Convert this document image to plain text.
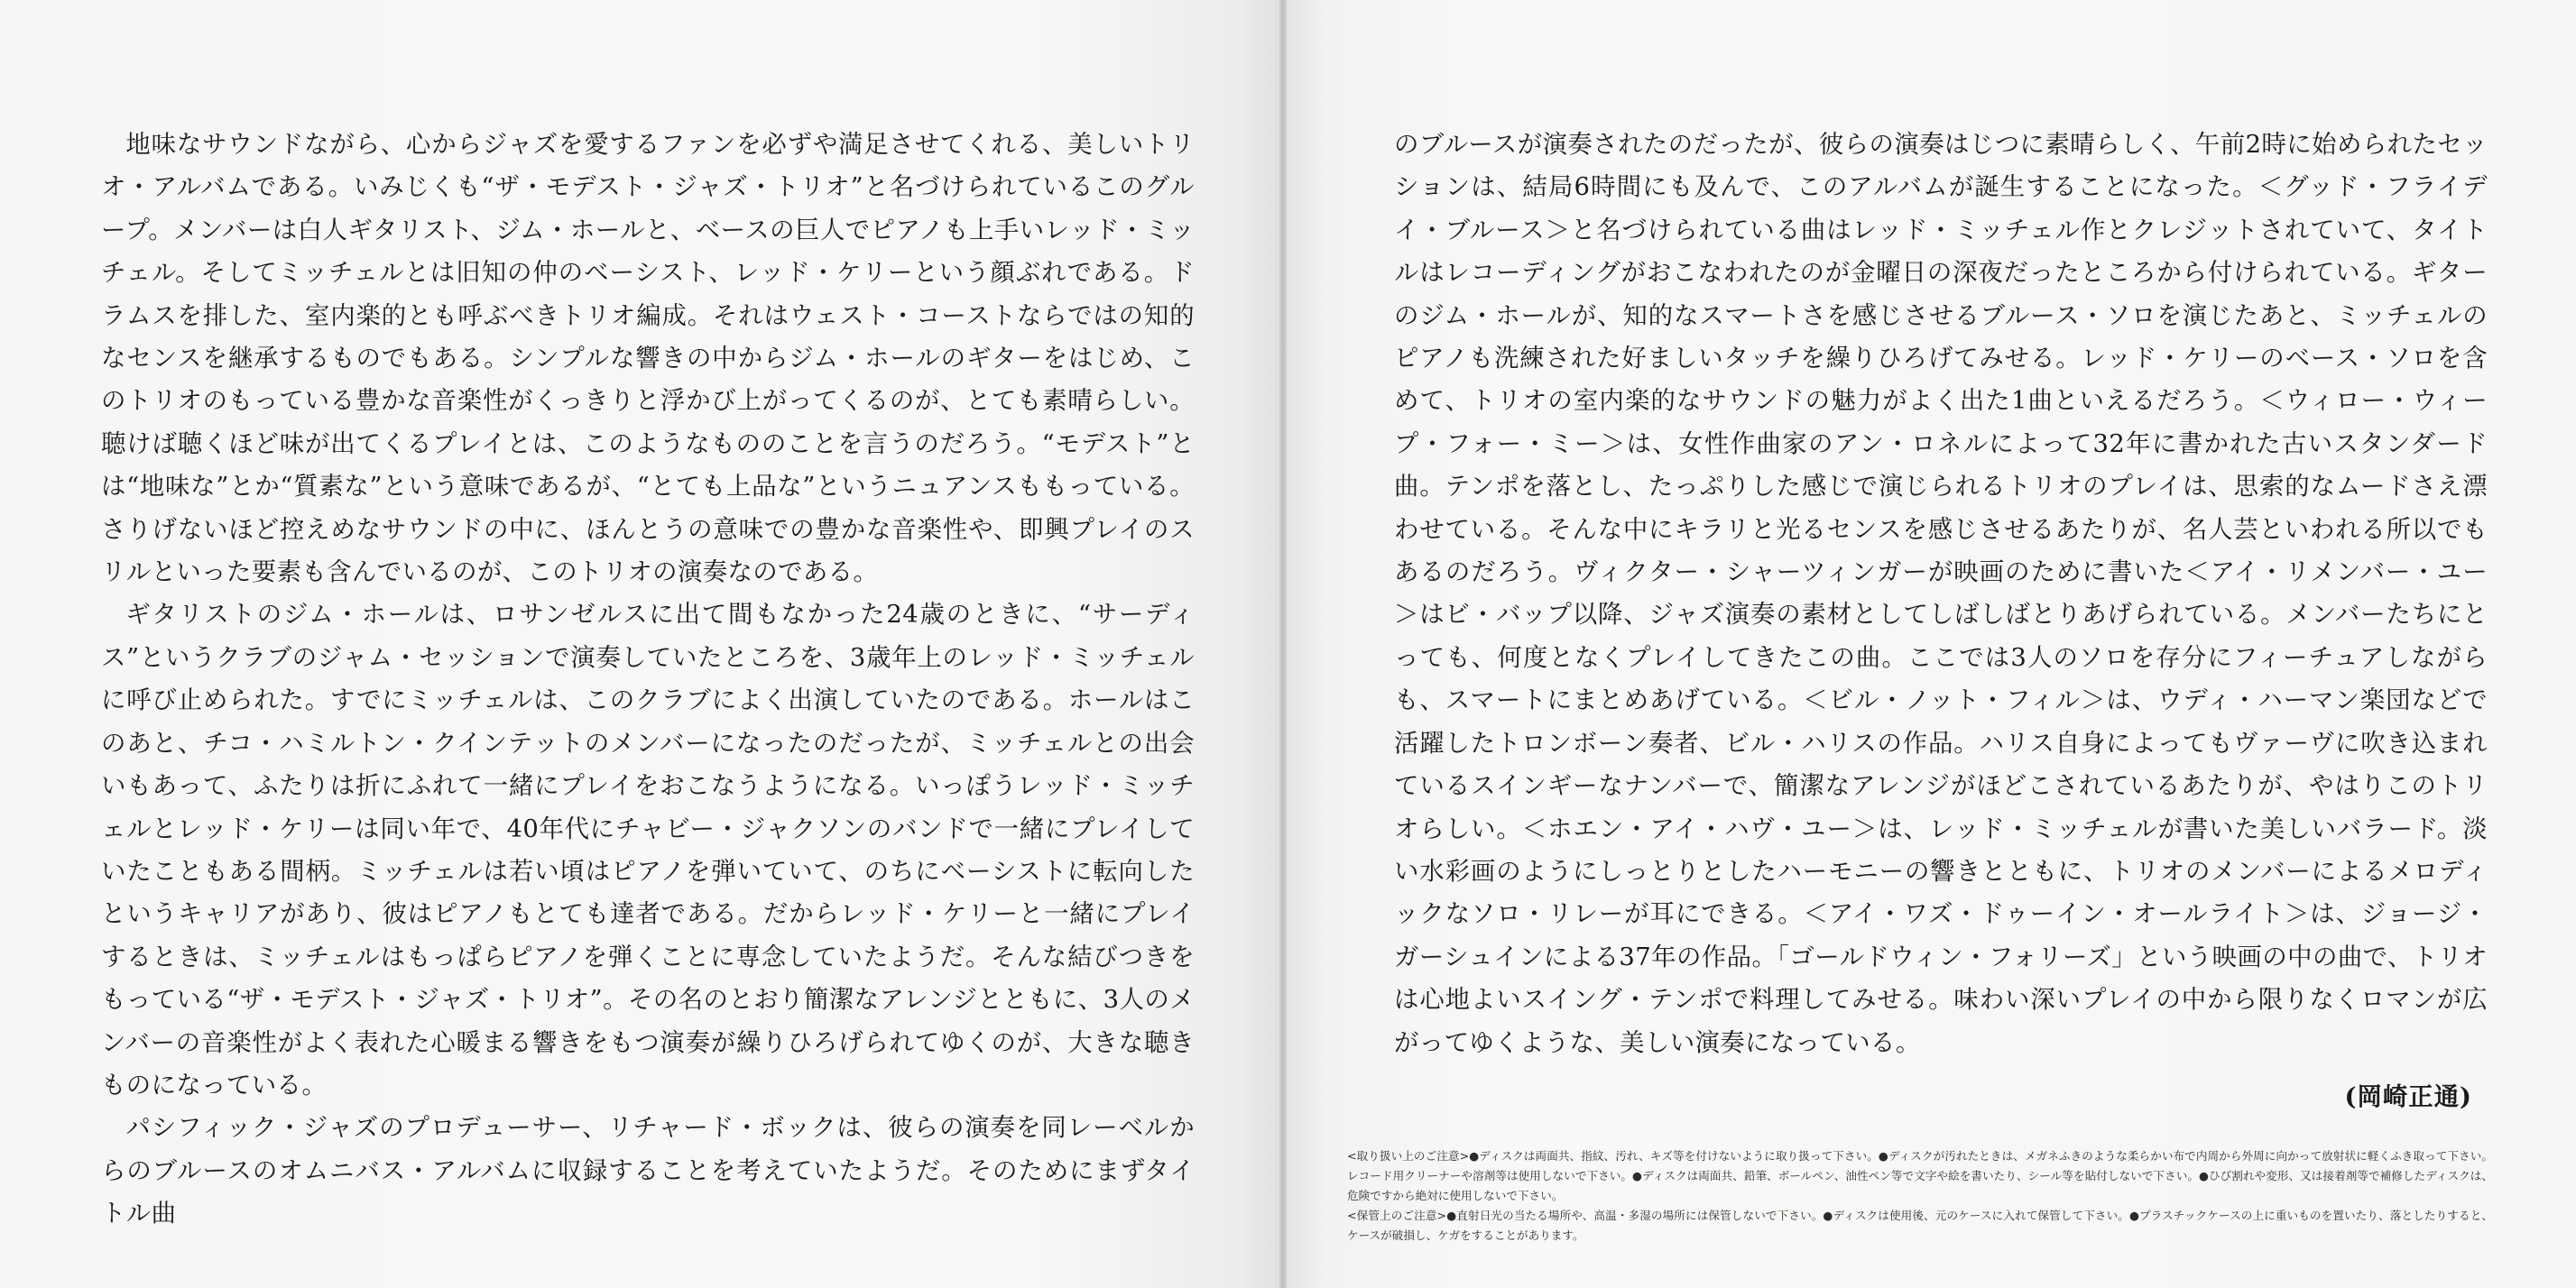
地味なサウンドながら、心からジャズを愛するファンを必ずや満足させてくれる、美しいトリオ・アルバムである。いみじくも“ザ・モデスト・ジャズ・トリオ”と名づけられているこのグループ。メンバーは白人ギタリスト、ジム・ホールと、ベースの巨人でピアノも上手いレッド・ミッチェル。そしてミッチェルとは旧知の仲のベーシスト、レッド・ケリーという顔ぶれである。ドラムスを排した、室内楽的とも呼ぶべきトリオ編成。それはウェスト・コーストならではの知的なセンスを継承するものでもある。シンプルな響きの中からジム・ホールのギターをはじめ、このトリオのもっている豊かな音楽性がくっきりと浮かび上がってくるのが、とても素晴らしい。聴けば聴くほど味が出てくるプレイとは、このようなもののことを言うのだろう。“モデスト”とは“地味な”とか“質素な”という意味であるが、“とても上品な”というニュアンスももっている。さりげないほど控えめなサウンドの中に、ほんとうの意味での豊かな音楽性や、即興プレイのスリルといった要素も含んでいるのが、このトリオの演奏なのである。

ギタリストのジム・ホールは、ロサンゼルスに出て間もなかった24歳のときに、“サーディス”というクラブのジャム・セッションで演奏していたところを、3歳年上のレッド・ミッチェルに呼び止められた。すでにミッチェルは、このクラブによく出演していたのである。ホールはこのあと、チコ・ハミルトン・クインテットのメンバーになったのだったが、ミッチェルとの出会いもあって、ふたりは折にふれて一緒にプレイをおこなうようになる。いっぽうレッド・ミッチェルとレッド・ケリーは同い年で、40年代にチャビー・ジャクソンのバンドで一緒にプレイしていたこともある間柄。ミッチェルは若い頃はピアノを弾いていて、のちにベーシストに転向したというキャリアがあり、彼はピアノもとても達者である。だからレッド・ケリーと一緒にプレイするときは、ミッチェルはもっぱらピアノを弾くことに専念していたようだ。そんな結びつきをもっている“ザ・モデスト・ジャズ・トリオ”。その名のとおり簡潔なアレンジとともに、3人のメンバーの音楽性がよく表れた心暖まる響きをもつ演奏が繰りひろげられてゆくのが、大きな聴きものになっている。

パシフィック・ジャズのプロデューサー、リチャード・ボックは、彼らの演奏を同レーベルからのブルースのオムニバス・アルバムに収録することを考えていたようだ。そのためにまずタイトル曲

のブルースが演奏されたのだったが、彼らの演奏はじつに素晴らしく、午前2時に始められたセッションは、結局6時間にも及んで、このアルバムが誕生することになった。＜グッド・フライデイ・ブルース＞と名づけられている曲はレッド・ミッチェル作とクレジットされていて、タイトルはレコーディングがおこなわれたのが金曜日の深夜だったところから付けられている。ギターのジム・ホールが、知的なスマートさを感じさせるブルース・ソロを演じたあと、ミッチェルのピアノも洗練された好ましいタッチを繰りひろげてみせる。レッド・ケリーのベース・ソロを含めて、トリオの室内楽的なサウンドの魅力がよく出た1曲といえるだろう。＜ウィロー・ウィープ・フォー・ミー＞は、女性作曲家のアン・ロネルによって32年に書かれた古いスタンダード曲。テンポを落とし、たっぷりした感じで演じられるトリオのプレイは、思索的なムードさえ漂わせている。そんな中にキラリと光るセンスを感じさせるあたりが、名人芸といわれる所以でもあるのだろう。ヴィクター・シャーツィンガーが映画のために書いた＜アイ・リメンバー・ユー＞はビ・バップ以降、ジャズ演奏の素材としてしばしばとりあげられている。メンバーたちにとっても、何度となくプレイしてきたこの曲。ここでは3人のソロを存分にフィーチュアしながらも、スマートにまとめあげている。＜ビル・ノット・フィル＞は、ウディ・ハーマン楽団などで活躍したトロンボーン奏者、ビル・ハリスの作品。ハリス自身によってもヴァーヴに吹き込まれているスインギーなナンバーで、簡潔なアレンジがほどこされているあたりが、やはりこのトリオらしい。＜ホエン・アイ・ハヴ・ユー＞は、レッド・ミッチェルが書いた美しいバラード。淡い水彩画のようにしっとりとしたハーモニーの響きとともに、トリオのメンバーによるメロディックなソロ・リレーが耳にできる。＜アイ・ワズ・ドゥーイン・オールライト＞は、ジョージ・ガーシュインによる37年の作品。「ゴールドウィン・フォリーズ」という映画の中の曲で、トリオは心地よいスイング・テンポで料理してみせる。味わい深いプレイの中から限りなくロマンが広がってゆくような、美しい演奏になっている。

(岡崎正通)

<取り扱い上のご注意>●ディスクは両面共、指紋、汚れ、キズ等を付けないように取り扱って下さい。●ディスクが汚れたときは、メガネふきのような柔らかい布で内周から外周に向かって放射状に軽くふき取って下さい。レコード用クリーナーや溶剤等は使用しないで下さい。●ディスクは両面共、鉛筆、ボールペン、油性ペン等で文字や絵を書いたり、シール等を貼付しないで下さい。●ひび割れや変形、又は接着剤等で補修したディスクは、危険ですから絶対に使用しないで下さい。

<保管上のご注意>●直射日光の当たる場所や、高温・多湿の場所には保管しないで下さい。●ディスクは使用後、元のケースに入れて保管して下さい。●プラスチックケースの上に重いものを置いたり、落としたりすると、ケースが破損し、ケガをすることがあります。
